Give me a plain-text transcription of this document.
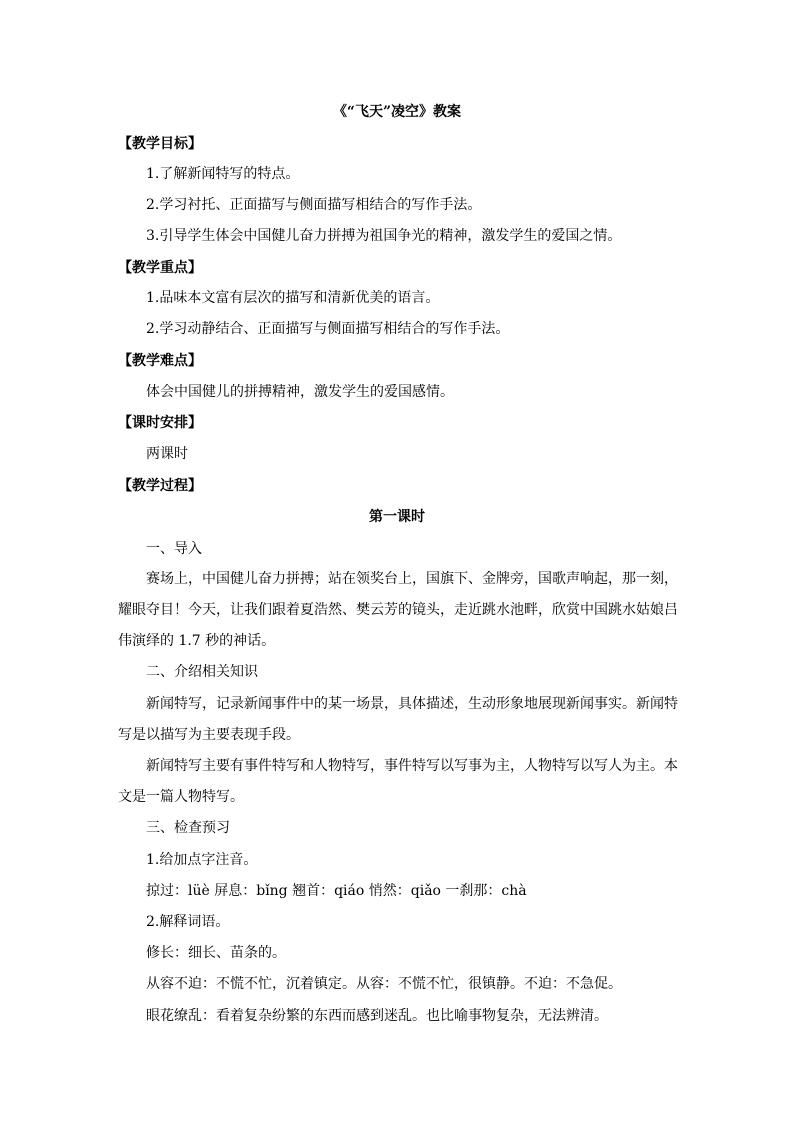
《“飞天”凌空》教案
【教学目标】
1.了解新闻特写的特点。
2.学习衬托、正面描写与侧面描写相结合的写作手法。
3.引导学生体会中国健儿奋力拼搏为祖国争光的精神，激发学生的爱国之情。
【教学重点】
1.品味本文富有层次的描写和清新优美的语言。
2.学习动静结合、正面描写与侧面描写相结合的写作手法。
【教学难点】
体会中国健儿的拼搏精神，激发学生的爱国感情。
【课时安排】
两课时
【教学过程】
第一课时
一、导入
赛场上，中国健儿奋力拼搏；站在领奖台上，国旗下、金牌旁，国歌声响起，那一刻，
耀眼夺目！今天，让我们跟着夏浩然、樊云芳的镜头，走近跳水池畔，欣赏中国跳水姑娘吕
伟演绎的 1.7 秒的神话。
二、介绍相关知识
新闻特写，记录新闻事件中的某一场景，具体描述，生动形象地展现新闻事实。新闻特
写是以描写为主要表现手段。
新闻特写主要有事件特写和人物特写，事件特写以写事为主，人物特写以写人为主。本
文是一篇人物特写。
三、检查预习
1.给加点字注音。
掠过：lüè 屏息：bǐng 翘首：qiáo 悄然：qiǎo 一刹那：chà
2.解释词语。
修长：细长、苗条的。
从容不迫：不慌不忙，沉着镇定。从容：不慌不忙，很镇静。不迫：不急促。
眼花缭乱：看着复杂纷繁的东西而感到迷乱。也比喻事物复杂，无法辨清。
